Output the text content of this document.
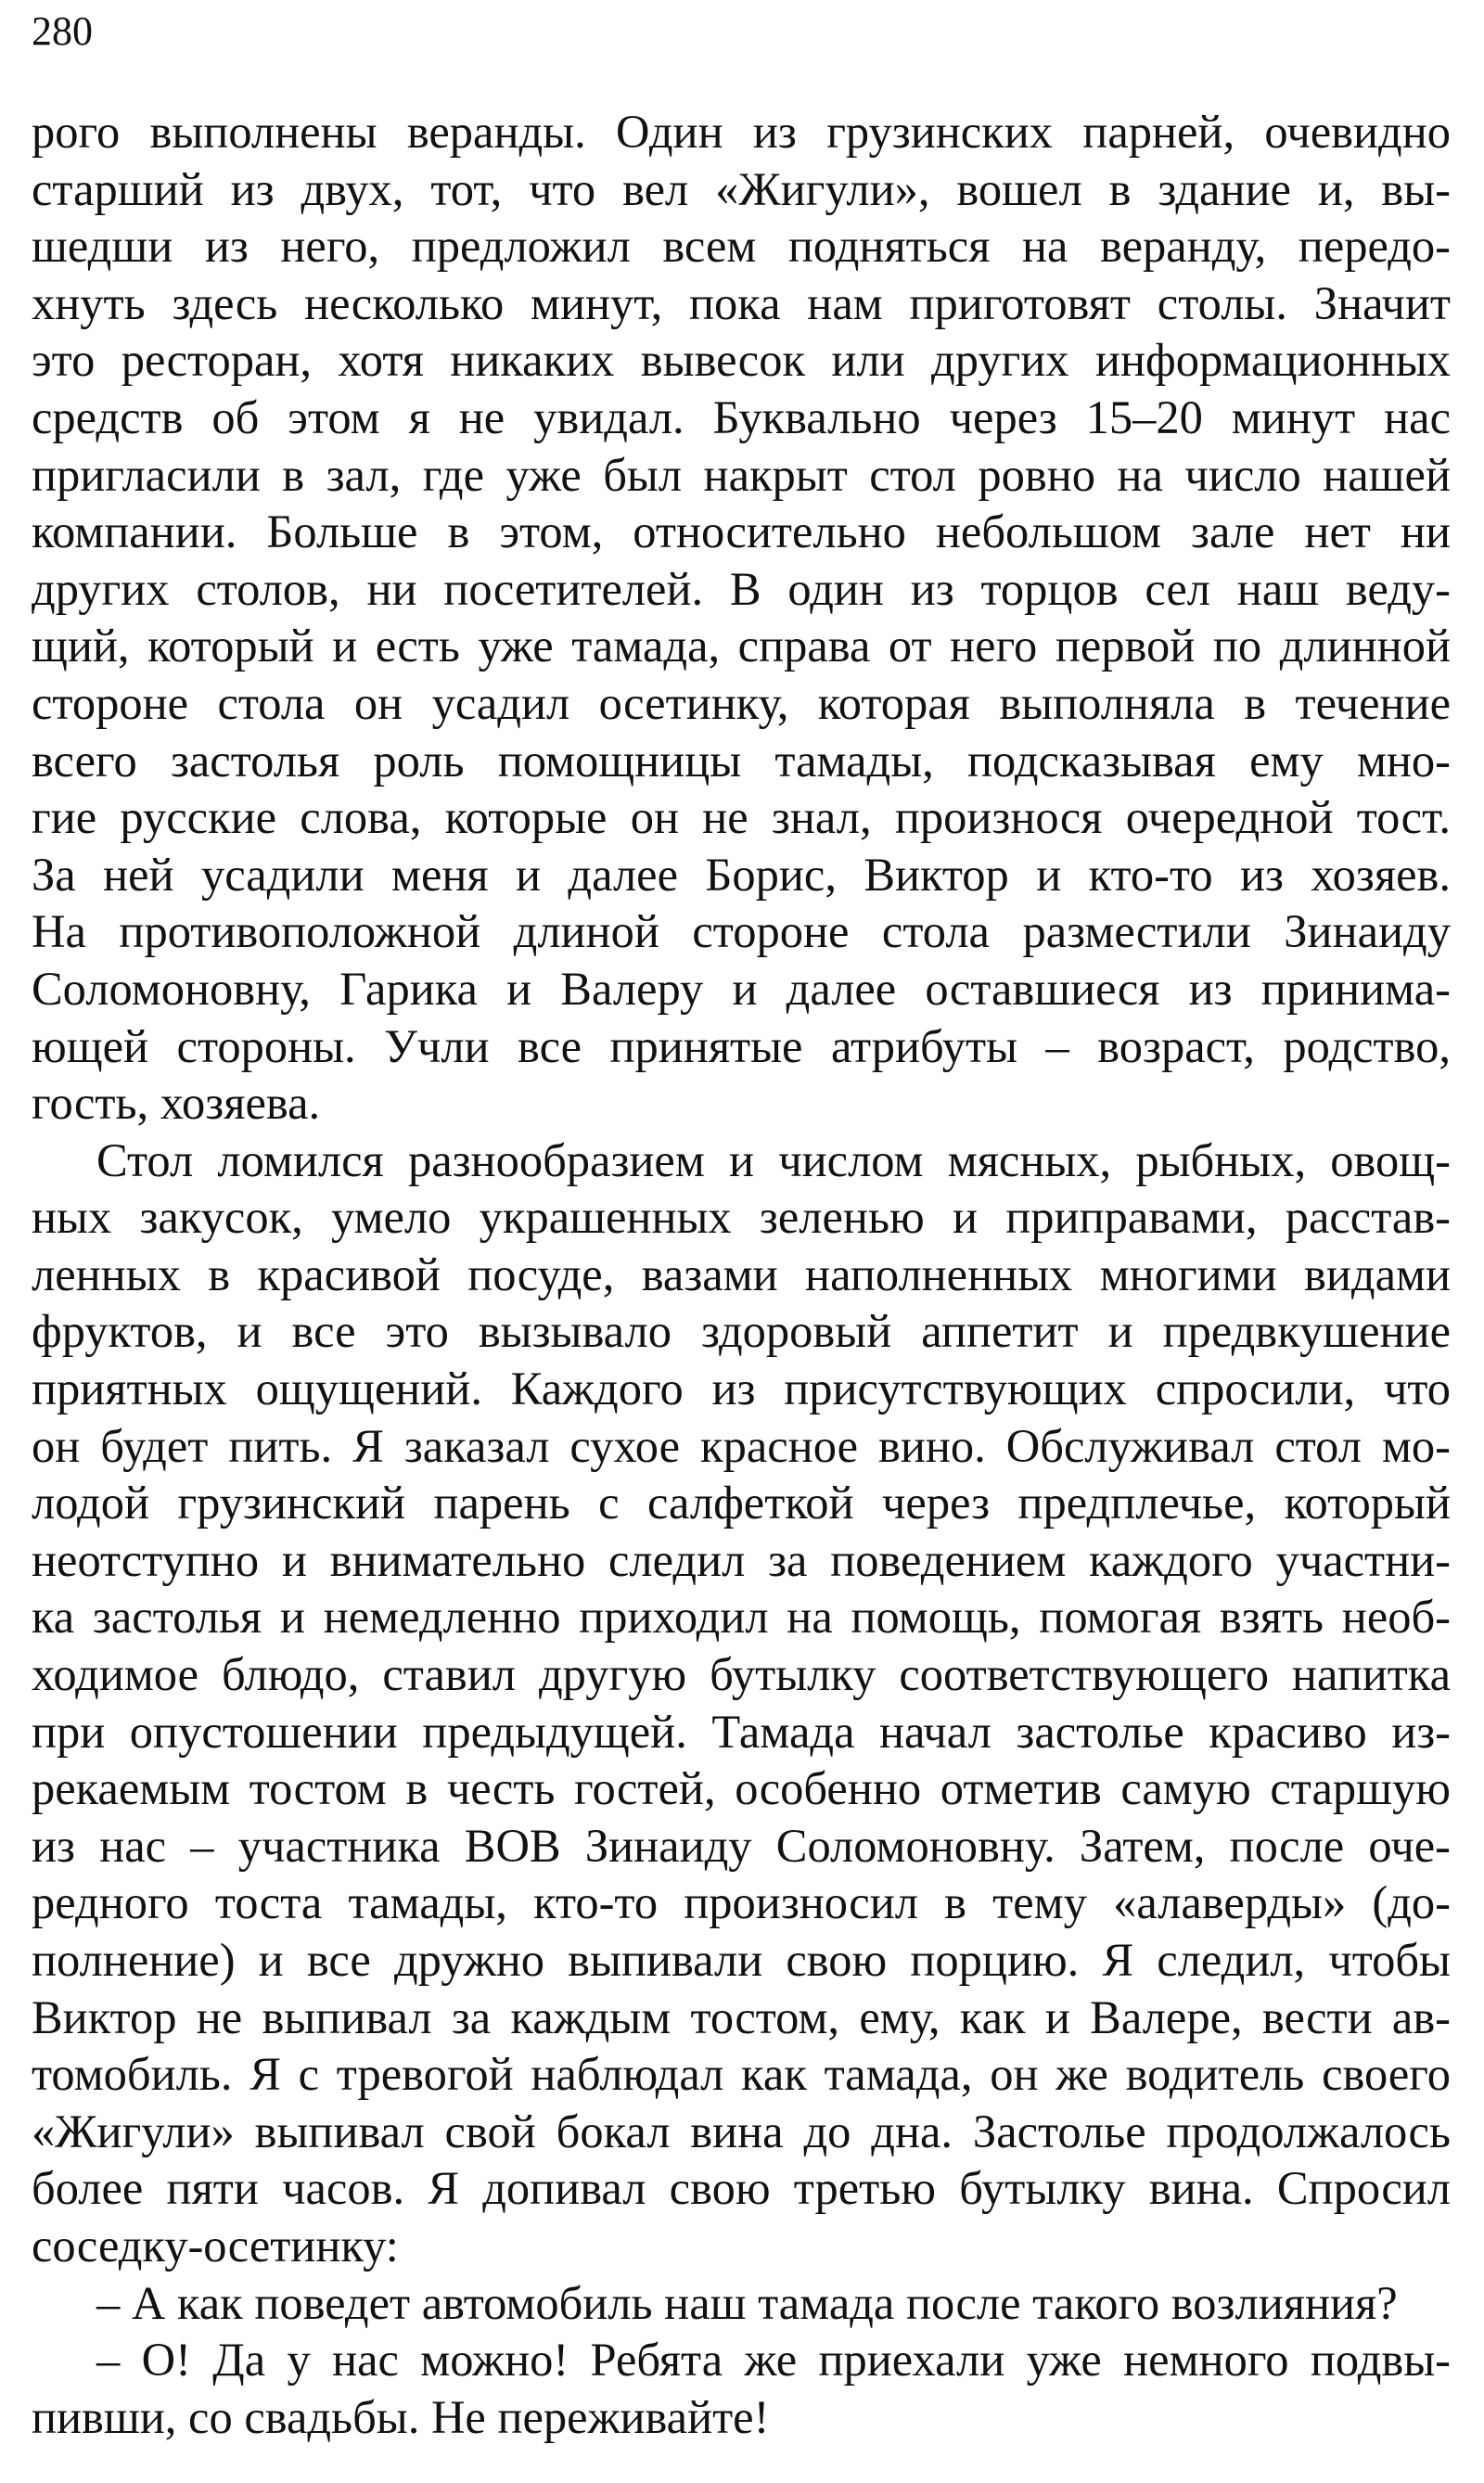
280
рого выполнены веранды. Один из грузинских парней, очевидно
старший из двух, тот, что вел «Жигули», вошел в здание и, вы-
шедши из него, предложил всем подняться на веранду, передо-
хнуть здесь несколько минут, пока нам приготовят столы. Значит
это ресторан, хотя никаких вывесок или других информационных
средств об этом я не увидал. Буквально через 15–20 минут нас
пригласили в зал, где уже был накрыт стол ровно на число нашей
компании. Больше в этом, относительно небольшом зале нет ни
других столов, ни посетителей. В один из торцов сел наш веду-
щий, который и есть уже тамада, справа от него первой по длинной
стороне стола он усадил осетинку, которая выполняла в течение
всего застолья роль помощницы тамады, подсказывая ему мно-
гие русские слова, которые он не знал, произнося очередной тост.
За ней усадили меня и далее Борис, Виктор и кто-то из хозяев.
На противоположной длиной стороне стола разместили Зинаиду
Соломоновну, Гарика и Валеру и далее оставшиеся из принима-
ющей стороны. Учли все принятые атрибуты – возраст, родство,
гость, хозяева.
Стол ломился разнообразием и числом мясных, рыбных, овощ-
ных закусок, умело украшенных зеленью и приправами, расстав-
ленных в красивой посуде, вазами наполненных многими видами
фруктов, и все это вызывало здоровый аппетит и предвкушение
приятных ощущений. Каждого из присутствующих спросили, что
он будет пить. Я заказал сухое красное вино. Обслуживал стол мо-
лодой грузинский парень с салфеткой через предплечье, который
неотступно и внимательно следил за поведением каждого участни-
ка застолья и немедленно приходил на помощь, помогая взять необ-
ходимое блюдо, ставил другую бутылку соответствующего напитка
при опустошении предыдущей. Тамада начал застолье красиво из-
рекаемым тостом в честь гостей, особенно отметив самую старшую
из нас – участника ВОВ Зинаиду Соломоновну. Затем, после оче-
редного тоста тамады, кто-то произносил в тему «алаверды» (до-
полнение) и все дружно выпивали свою порцию. Я следил, чтобы
Виктор не выпивал за каждым тостом, ему, как и Валере, вести ав-
томобиль. Я с тревогой наблюдал как тамада, он же водитель своего
«Жигули» выпивал свой бокал вина до дна. Застолье продолжалось
более пяти часов. Я допивал свою третью бутылку вина. Спросил
соседку-осетинку:
– А как поведет автомобиль наш тамада после такого возлияния?
– О! Да у нас можно! Ребята же приехали уже немного подвы-
пивши, со свадьбы. Не переживайте!
